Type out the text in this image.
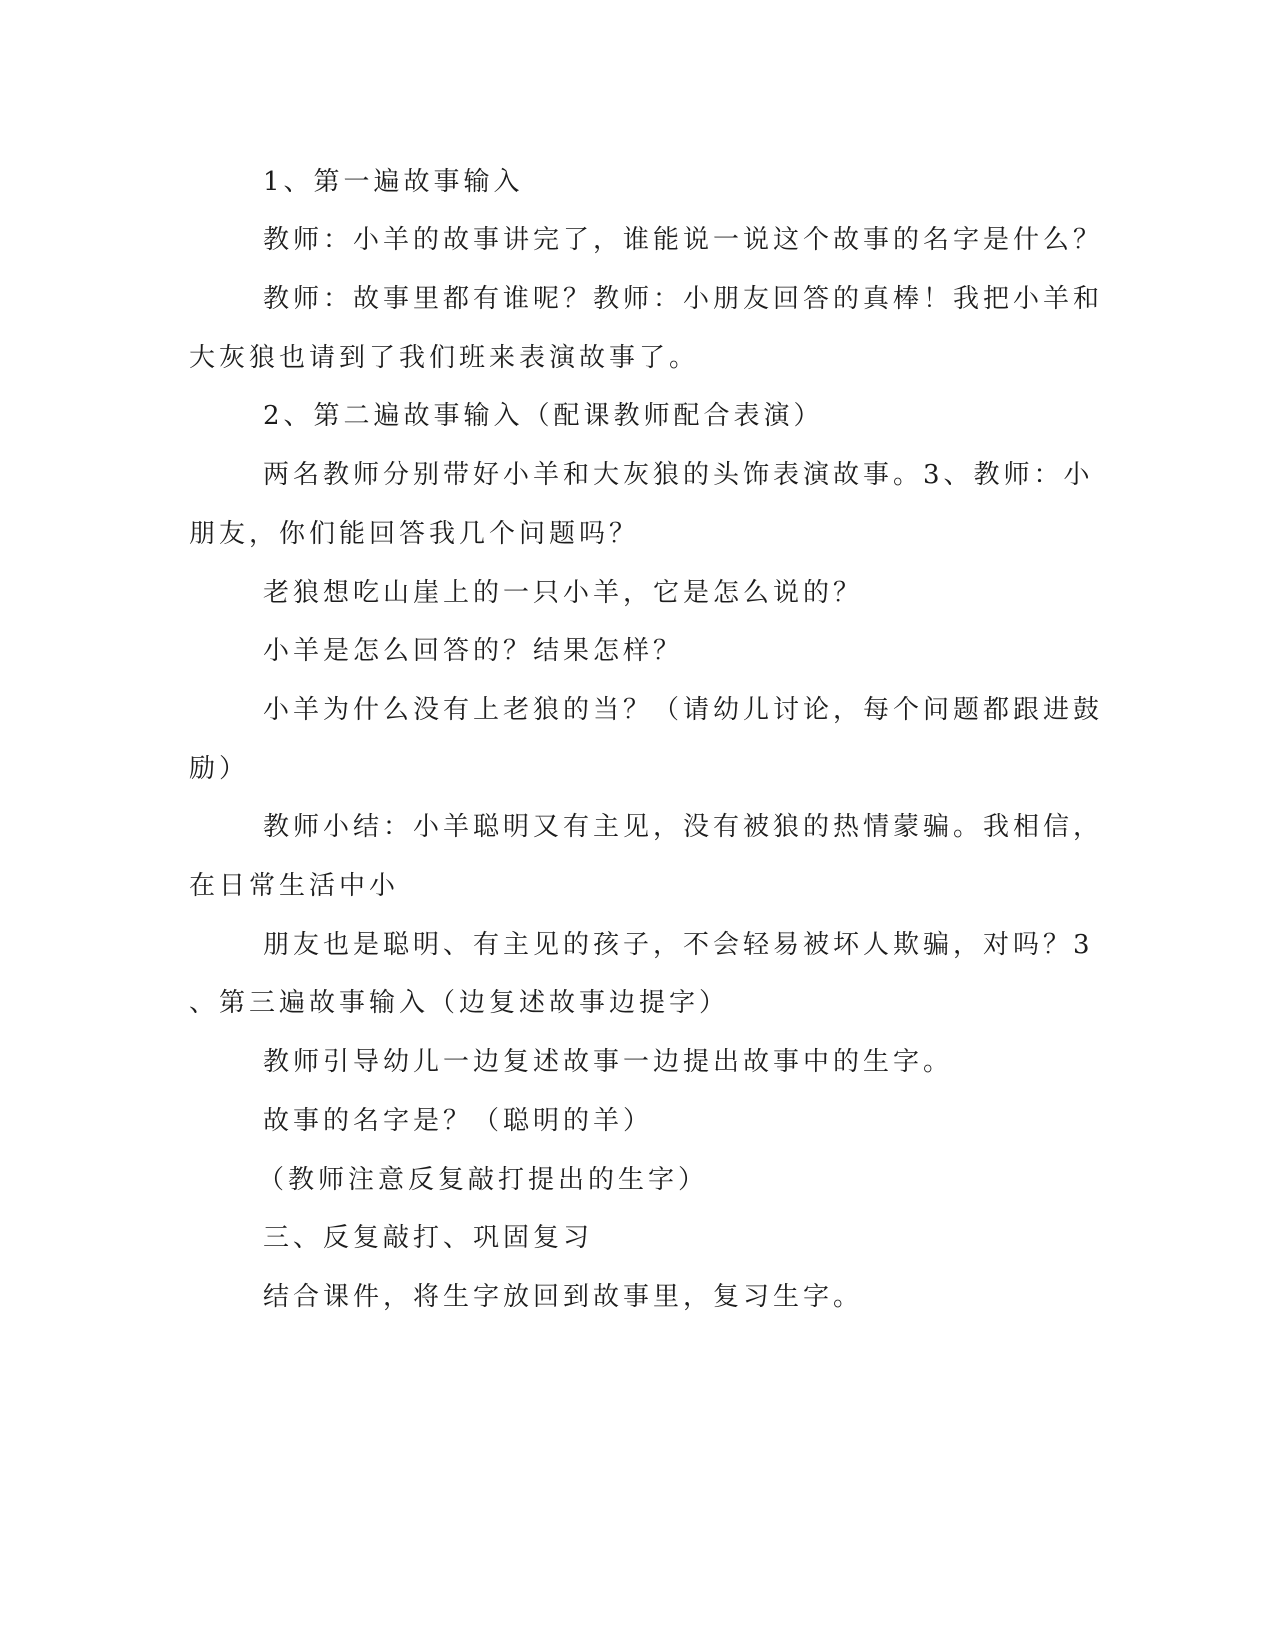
1、第一遍故事输入

教师：小羊的故事讲完了，谁能说一说这个故事的名字是什么？

教师：故事里都有谁呢？教师：小朋友回答的真棒！我把小羊和

大灰狼也请到了我们班来表演故事了。

2、第二遍故事输入（配课教师配合表演）

两名教师分别带好小羊和大灰狼的头饰表演故事。3、教师：小

朋友，你们能回答我几个问题吗？

老狼想吃山崖上的一只小羊，它是怎么说的？

小羊是怎么回答的？结果怎样？

小羊为什么没有上老狼的当？（请幼儿讨论，每个问题都跟进鼓

励）

教师小结：小羊聪明又有主见，没有被狼的热情蒙骗。我相信，

在日常生活中小

朋友也是聪明、有主见的孩子，不会轻易被坏人欺骗，对吗？3

、第三遍故事输入（边复述故事边提字）

教师引导幼儿一边复述故事一边提出故事中的生字。

故事的名字是？（聪明的羊）

（教师注意反复敲打提出的生字）

三、反复敲打、巩固复习

结合课件，将生字放回到故事里，复习生字。
